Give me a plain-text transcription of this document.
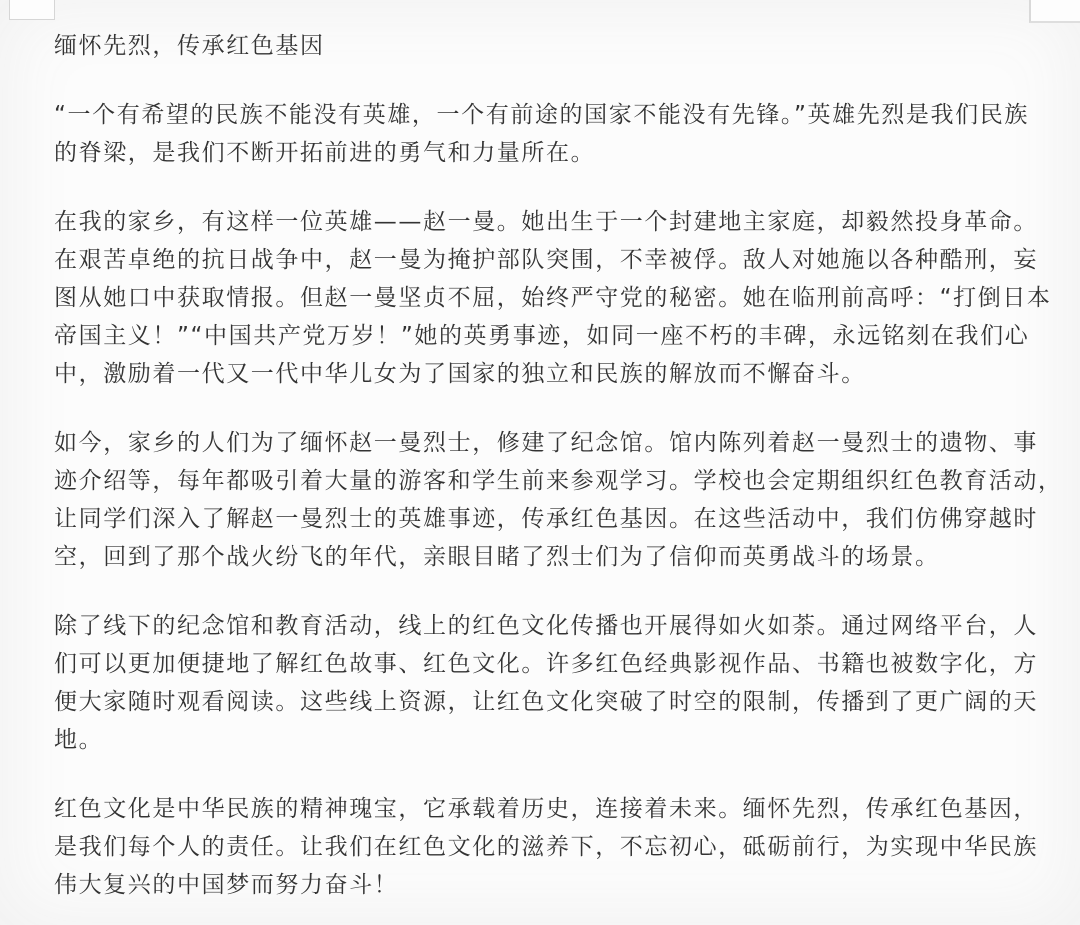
缅怀先烈，传承红色基因

“一个有希望的民族不能没有英雄，一个有前途的国家不能没有先锋。”英雄先烈是我们民族
的脊梁，是我们不断开拓前进的勇气和力量所在。

在我的家乡，有这样一位英雄——赵一曼。她出生于一个封建地主家庭，却毅然投身革命。
在艰苦卓绝的抗日战争中，赵一曼为掩护部队突围，不幸被俘。敌人对她施以各种酷刑，妄
图从她口中获取情报。但赵一曼坚贞不屈，始终严守党的秘密。她在临刑前高呼：“打倒日本
帝国主义！”“中国共产党万岁！”她的英勇事迹，如同一座不朽的丰碑，永远铭刻在我们心
中，激励着一代又一代中华儿女为了国家的独立和民族的解放而不懈奋斗。

如今，家乡的人们为了缅怀赵一曼烈士，修建了纪念馆。馆内陈列着赵一曼烈士的遗物、事
迹介绍等，每年都吸引着大量的游客和学生前来参观学习。学校也会定期组织红色教育活动，
让同学们深入了解赵一曼烈士的英雄事迹，传承红色基因。在这些活动中，我们仿佛穿越时
空，回到了那个战火纷飞的年代，亲眼目睹了烈士们为了信仰而英勇战斗的场景。

除了线下的纪念馆和教育活动，线上的红色文化传播也开展得如火如荼。通过网络平台，人
们可以更加便捷地了解红色故事、红色文化。许多红色经典影视作品、书籍也被数字化，方
便大家随时观看阅读。这些线上资源，让红色文化突破了时空的限制，传播到了更广阔的天
地。

红色文化是中华民族的精神瑰宝，它承载着历史，连接着未来。缅怀先烈，传承红色基因，
是我们每个人的责任。让我们在红色文化的滋养下，不忘初心，砥砺前行，为实现中华民族
伟大复兴的中国梦而努力奋斗！
